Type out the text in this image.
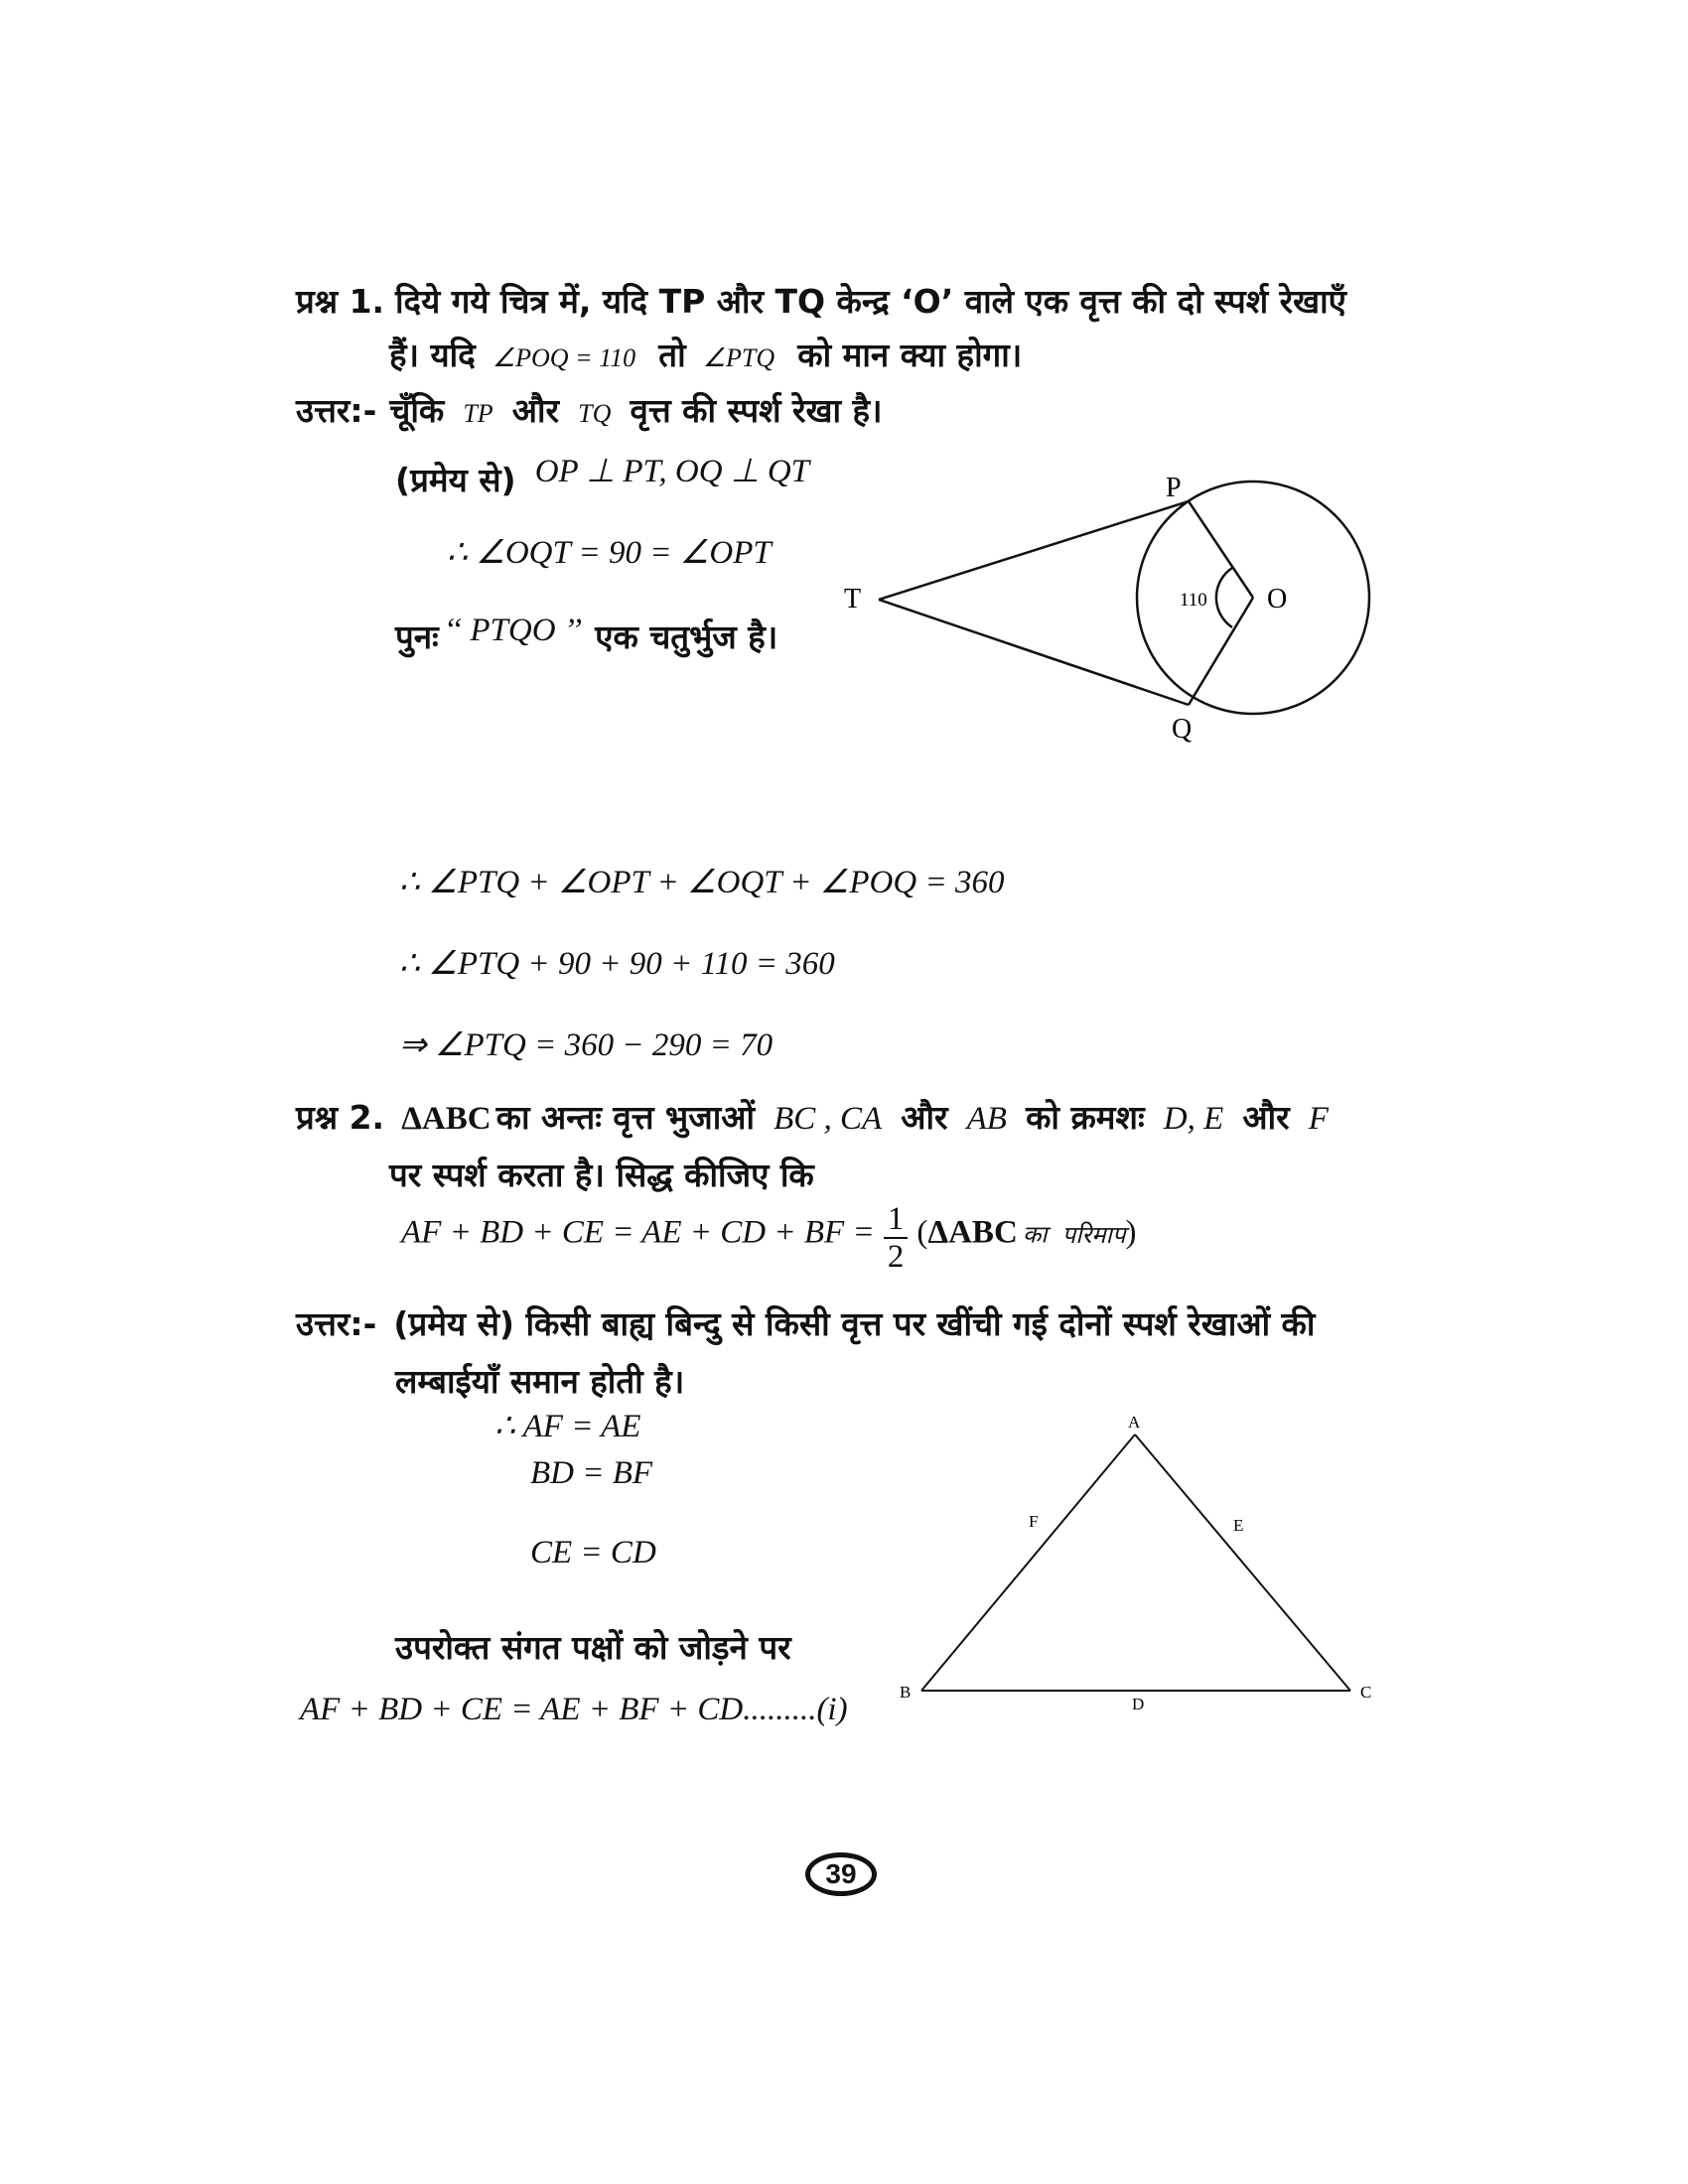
प्रश्न 1. दिये गये चित्र में, यदि TP और TQ केन्द्र ‘O’ वाले एक वृत्त की दो स्पर्श रेखाएँ
हैं। यदि ∠POQ = 110 तो ∠PTQ को मान क्या होगा।
उत्तर:- चूँकि TP और TQ वृत्त की स्पर्श रेखा है।
(प्रमेय से) OP ⊥ PT, OQ ⊥ QT
∴ ∠OQT = 90 = ∠OPT
पुनः ‘‘ PTQO ’’ एक चतुर्भुज है।
T
P
O
Q
110
∴ ∠PTQ + ∠OPT + ∠OQT + ∠POQ = 360
∴ ∠PTQ + 90 + 90 + 110 = 360
⇒ ∠PTQ = 360 − 290 = 70
प्रश्न 2. ΔABC का अन्तः वृत्त भुजाओं BC , CA और AB को क्रमशः D, E और F
पर स्पर्श करता है। सिद्ध कीजिए कि
AF + BD + CE = AE + CD + BF = $\frac{1}{2} (\Delta ABC$ का परिमाप)
उत्तर:- (प्रमेय से) किसी बाह्य बिन्दु से किसी वृत्त पर खींची गई दोनों स्पर्श रेखाओं की
लम्बाईयाँ समान होती है।
∴ AF = AE
BD = BF
CE = CD
उपरोक्त संगत पक्षों को जोड़ने पर
AF + BD + CE = AE + BF + CD.........(i)
A
B	C
D
E
F
39
